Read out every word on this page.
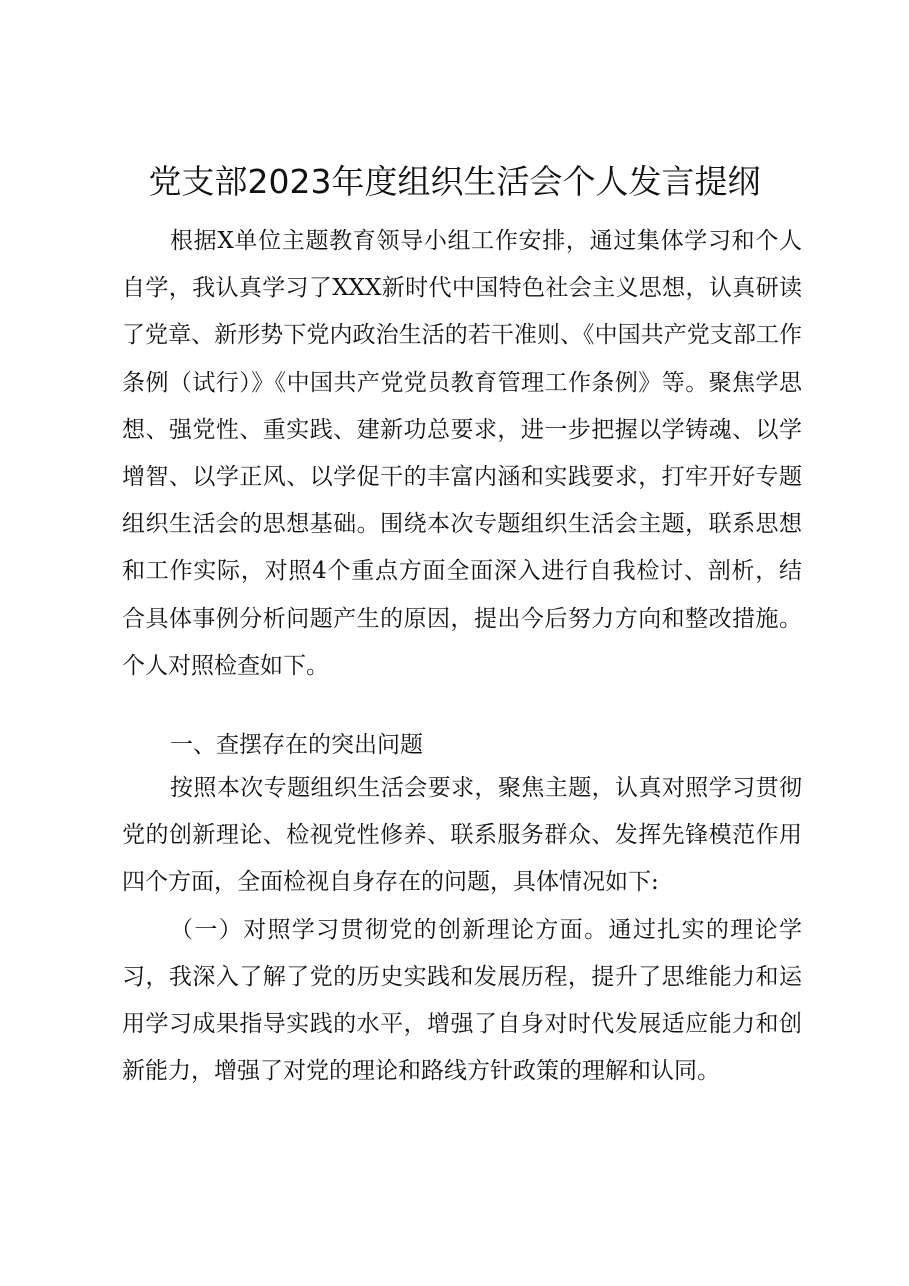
党支部2023年度组织生活会个人发言提纲

根据X单位主题教育领导小组工作安排，通过集体学习和个人自学，我认真学习了XXX新时代中国特色社会主义思想，认真研读了党章、新形势下党内政治生活的若干准则、《中国共产党支部工作条例（试行）》《中国共产党党员教育管理工作条例》等。聚焦学思想、强党性、重实践、建新功总要求，进一步把握以学铸魂、以学增智、以学正风、以学促干的丰富内涵和实践要求，打牢开好专题组织生活会的思想基础。围绕本次专题组织生活会主题，联系思想和工作实际，对照4个重点方面全面深入进行自我检讨、剖析，结合具体事例分析问题产生的原因，提出今后努力方向和整改措施。个人对照检查如下。

一、查摆存在的突出问题

按照本次专题组织生活会要求，聚焦主题，认真对照学习贯彻党的创新理论、检视党性修养、联系服务群众、发挥先锋模范作用四个方面，全面检视自身存在的问题，具体情况如下:

（一）对照学习贯彻党的创新理论方面。通过扎实的理论学习，我深入了解了党的历史实践和发展历程，提升了思维能力和运用学习成果指导实践的水平，增强了自身对时代发展适应能力和创新能力，增强了对党的理论和路线方针政策的理解和认同。
